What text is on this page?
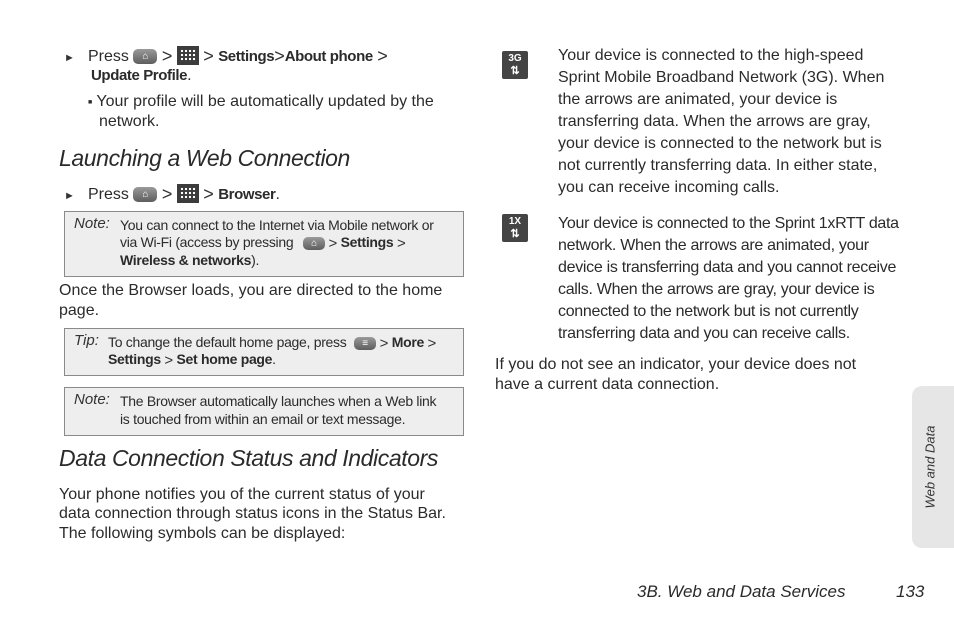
► Press	⌂ > > Settings>About phone >
Update Profile.
■ Your profile will be automatically updated by the
network.
Launching a Web Connection
► Press	⌂ > > Browser.
Note: You can connect to the Internet via Mobile network or
via Wi-Fi (access by pressing	⌂ > Settings >
Wireless & networks).
Once the Browser loads, you are directed to the home
page.
Tip: To change the default home page, press	≡ > More >
Settings > Set home page.
Note: The Browser automatically launches when a Web link
is touched from within an email or text message.
Data Connection Status and Indicators
Your phone notifies you of the current status of your
data connection through status icons in the Status Bar.
The following symbols can be displayed:
3G
⇅
Your device is connected to the high-speed
Sprint Mobile Broadband Network (3G). When
the arrows are animated, your device is
transferring data. When the arrows are gray,
your device is connected to the network but is
not currently transferring data. In either state,
you can receive incoming calls.
1X
⇅
Your device is connected to the Sprint 1xRTT data
network. When the arrows are animated, your
device is transferring data and you cannot receive
calls. When the arrows are gray, your device is
connected to the network but is not currently
transferring data and you can receive calls.
If you do not see an indicator, your device does not
have a current data connection.
Web and Data
3B. Web and Data Services	133
